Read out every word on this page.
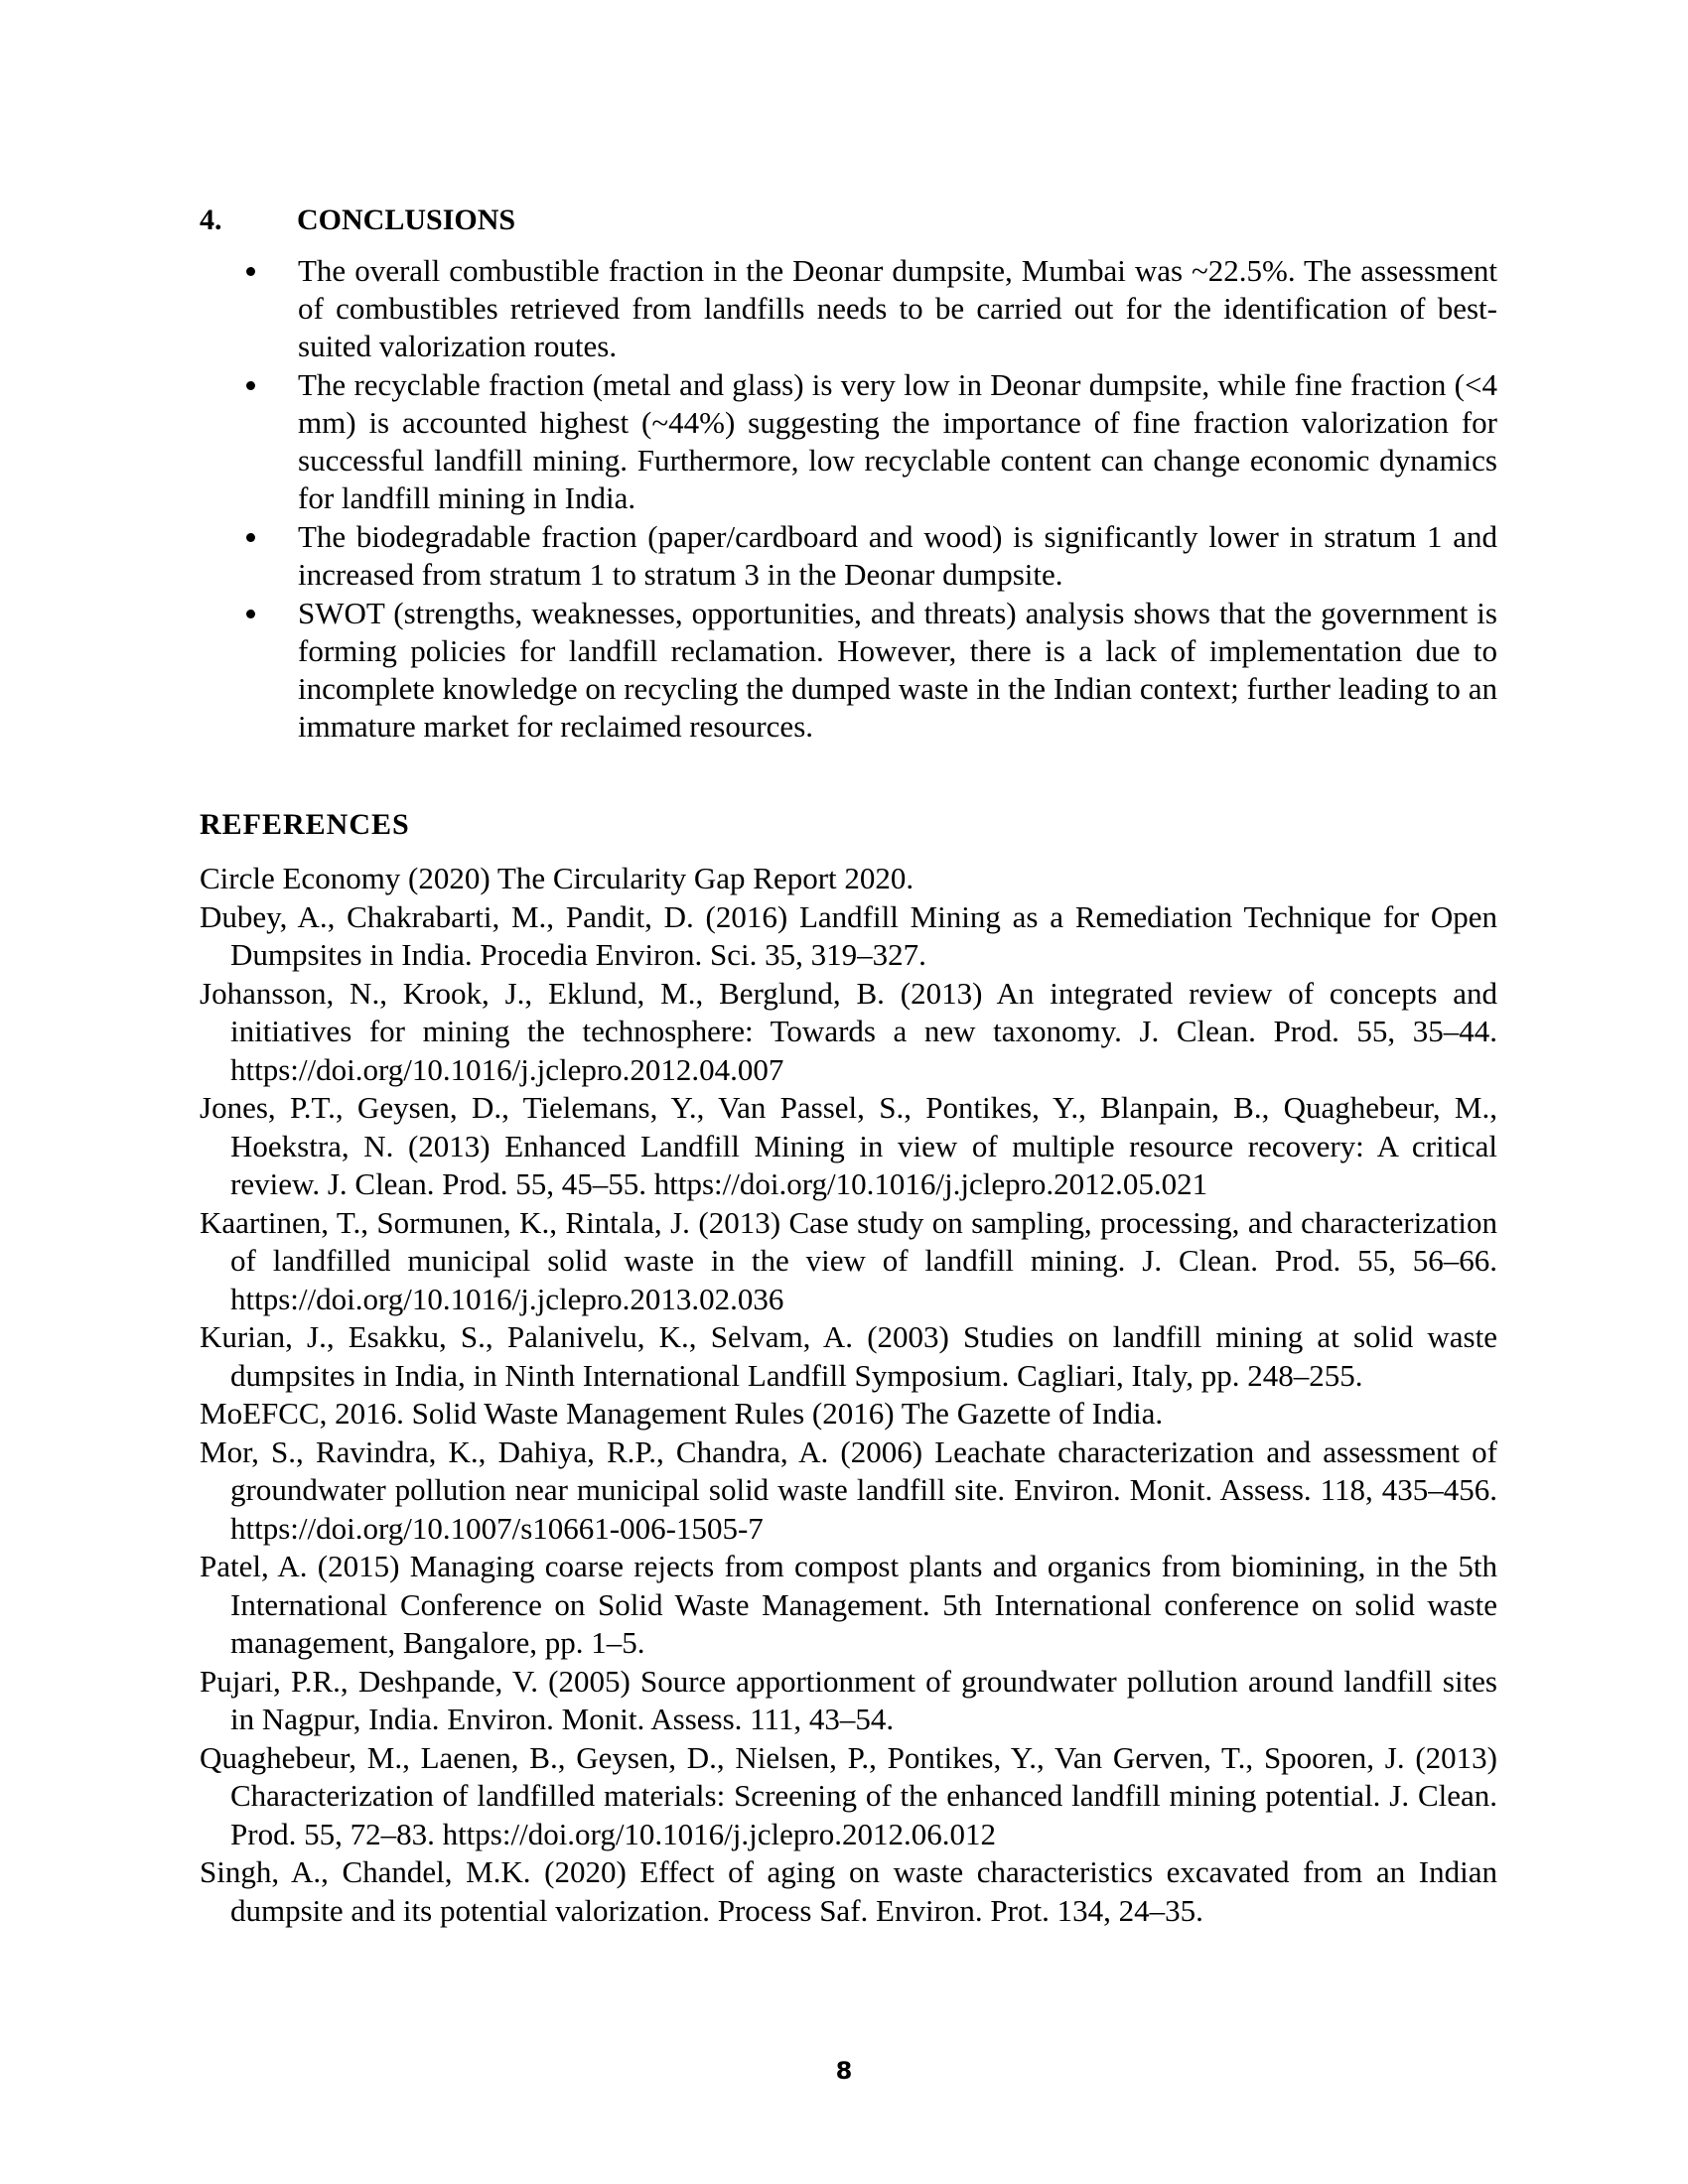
4.	CONCLUSIONS
The overall combustible fraction in the Deonar dumpsite, Mumbai was ~22.5%. The assessment of combustibles retrieved from landfills needs to be carried out for the identification of best-suited valorization routes.
The recyclable fraction (metal and glass) is very low in Deonar dumpsite, while fine fraction (<4 mm) is accounted highest (~44%) suggesting the importance of fine fraction valorization for successful landfill mining. Furthermore, low recyclable content can change economic dynamics for landfill mining in India.
The biodegradable fraction (paper/cardboard and wood) is significantly lower in stratum 1 and increased from stratum 1 to stratum 3 in the Deonar dumpsite.
SWOT (strengths, weaknesses, opportunities, and threats) analysis shows that the government is forming policies for landfill reclamation. However, there is a lack of implementation due to incomplete knowledge on recycling the dumped waste in the Indian context; further leading to an immature market for reclaimed resources.
REFERENCES
Circle Economy (2020) The Circularity Gap Report 2020.
Dubey, A., Chakrabarti, M., Pandit, D. (2016) Landfill Mining as a Remediation Technique for Open Dumpsites in India. Procedia Environ. Sci. 35, 319–327.
Johansson, N., Krook, J., Eklund, M., Berglund, B. (2013) An integrated review of concepts and initiatives for mining the technosphere: Towards a new taxonomy. J. Clean. Prod. 55, 35–44. https://doi.org/10.1016/j.jclepro.2012.04.007
Jones, P.T., Geysen, D., Tielemans, Y., Van Passel, S., Pontikes, Y., Blanpain, B., Quaghebeur, M., Hoekstra, N. (2013) Enhanced Landfill Mining in view of multiple resource recovery: A critical review. J. Clean. Prod. 55, 45–55. https://doi.org/10.1016/j.jclepro.2012.05.021
Kaartinen, T., Sormunen, K., Rintala, J. (2013) Case study on sampling, processing, and characterization of landfilled municipal solid waste in the view of landfill mining. J. Clean. Prod. 55, 56–66. https://doi.org/10.1016/j.jclepro.2013.02.036
Kurian, J., Esakku, S., Palanivelu, K., Selvam, A. (2003) Studies on landfill mining at solid waste dumpsites in India, in Ninth International Landfill Symposium. Cagliari, Italy, pp. 248–255.
MoEFCC, 2016. Solid Waste Management Rules (2016) The Gazette of India.
Mor, S., Ravindra, K., Dahiya, R.P., Chandra, A. (2006) Leachate characterization and assessment of groundwater pollution near municipal solid waste landfill site. Environ. Monit. Assess. 118, 435–456. https://doi.org/10.1007/s10661-006-1505-7
Patel, A. (2015) Managing coarse rejects from compost plants and organics from biomining, in the 5th International Conference on Solid Waste Management. 5th International conference on solid waste management, Bangalore, pp. 1–5.
Pujari, P.R., Deshpande, V. (2005) Source apportionment of groundwater pollution around landfill sites in Nagpur, India. Environ. Monit. Assess. 111, 43–54.
Quaghebeur, M., Laenen, B., Geysen, D., Nielsen, P., Pontikes, Y., Van Gerven, T., Spooren, J. (2013) Characterization of landfilled materials: Screening of the enhanced landfill mining potential. J. Clean. Prod. 55, 72–83. https://doi.org/10.1016/j.jclepro.2012.06.012
Singh, A., Chandel, M.K. (2020) Effect of aging on waste characteristics excavated from an Indian dumpsite and its potential valorization. Process Saf. Environ. Prot. 134, 24–35.
8
